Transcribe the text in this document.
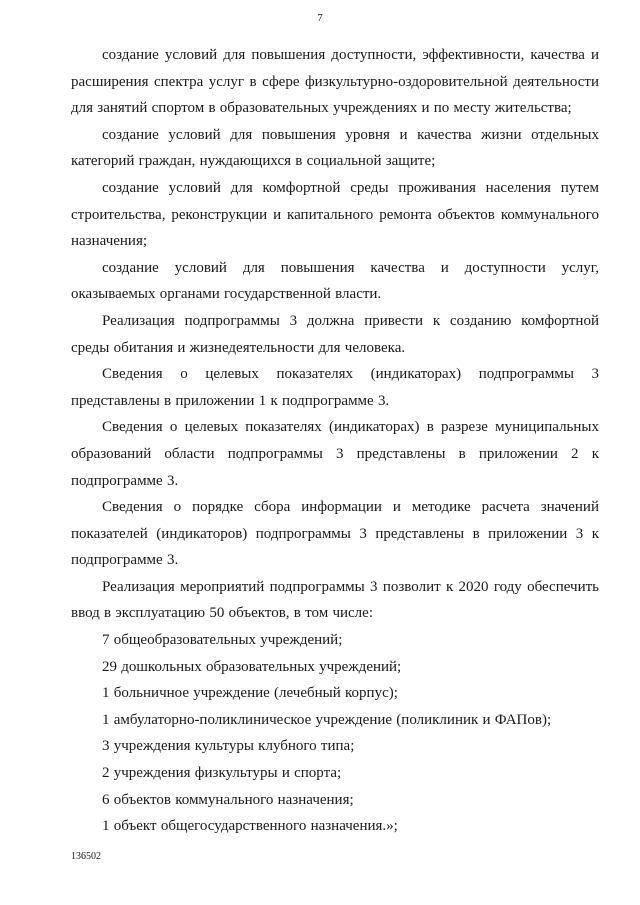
7

создание условий для повышения доступности, эффективности, качества и расширения спектра услуг в сфере физкультурно-оздоровительной деятельности для занятий спортом в образовательных учреждениях и по месту жительства;

создание условий для повышения уровня и качества жизни отдельных категорий граждан, нуждающихся в социальной защите;

создание условий для комфортной среды проживания населения путем строительства, реконструкции и капитального ремонта объектов коммунального назначения;

создание условий для повышения качества и доступности услуг, оказываемых органами государственной власти.

Реализация подпрограммы 3 должна привести к созданию комфортной среды обитания и жизнедеятельности для человека.

Сведения о целевых показателях (индикаторах) подпрограммы 3 представлены в приложении 1 к подпрограмме 3.

Сведения о целевых показателях (индикаторах) в разрезе муниципальных образований области подпрограммы 3 представлены в приложении 2 к подпрограмме 3.

Сведения о порядке сбора информации и методике расчета значений показателей (индикаторов) подпрограммы 3 представлены в приложении 3 к подпрограмме 3.

Реализация мероприятий подпрограммы 3 позволит к 2020 году обеспечить ввод в эксплуатацию 50 объектов, в том числе:

7 общеобразовательных учреждений;

29 дошкольных образовательных учреждений;

1 больничное учреждение (лечебный корпус);

1 амбулаторно-поликлиническое учреждение (поликлиник и ФАПов);

3 учреждения культуры клубного типа;

2 учреждения физкультуры и спорта;

6 объектов коммунального назначения;

1 объект общегосударственного назначения.»;

136502
